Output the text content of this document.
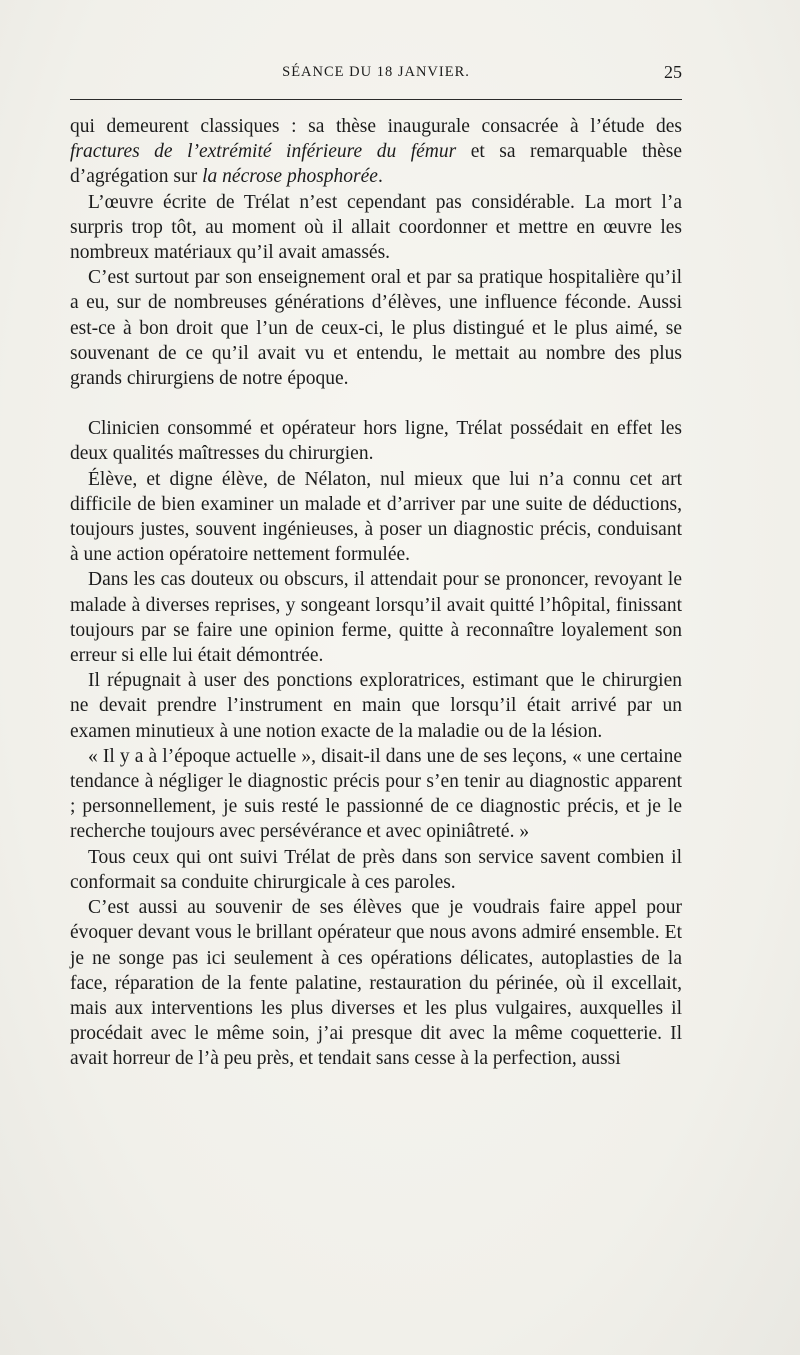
SÉANCE DU 18 JANVIER.	25

qui demeurent classiques : sa thèse inaugurale consacrée à l’étude des fractures de l’extrémité inférieure du fémur et sa remarquable thèse d’agrégation sur la nécrose phosphorée.

L’œuvre écrite de Trélat n’est cependant pas considérable. La mort l’a surpris trop tôt, au moment où il allait coordonner et mettre en œuvre les nombreux matériaux qu’il avait amassés.

C’est surtout par son enseignement oral et par sa pratique hospitalière qu’il a eu, sur de nombreuses générations d’élèves, une influence féconde. Aussi est-ce à bon droit que l’un de ceux-ci, le plus distingué et le plus aimé, se souvenant de ce qu’il avait vu et entendu, le mettait au nombre des plus grands chirurgiens de notre époque.

Clinicien consommé et opérateur hors ligne, Trélat possédait en effet les deux qualités maîtresses du chirurgien.

Élève, et digne élève, de Nélaton, nul mieux que lui n’a connu cet art difficile de bien examiner un malade et d’arriver par une suite de déductions, toujours justes, souvent ingénieuses, à poser un diagnostic précis, conduisant à une action opératoire nettement formulée.

Dans les cas douteux ou obscurs, il attendait pour se prononcer, revoyant le malade à diverses reprises, y songeant lorsqu’il avait quitté l’hôpital, finissant toujours par se faire une opinion ferme, quitte à reconnaître loyalement son erreur si elle lui était démontrée.

Il répugnait à user des ponctions exploratrices, estimant que le chirurgien ne devait prendre l’instrument en main que lorsqu’il était arrivé par un examen minutieux à une notion exacte de la maladie ou de la lésion.

« Il y a à l’époque actuelle », disait-il dans une de ses leçons, « une certaine tendance à négliger le diagnostic précis pour s’en tenir au diagnostic apparent ; personnellement, je suis resté le passionné de ce diagnostic précis, et je le recherche toujours avec persévérance et avec opiniâtreté. »

Tous ceux qui ont suivi Trélat de près dans son service savent combien il conformait sa conduite chirurgicale à ces paroles.

C’est aussi au souvenir de ses élèves que je voudrais faire appel pour évoquer devant vous le brillant opérateur que nous avons admiré ensemble. Et je ne songe pas ici seulement à ces opérations délicates, autoplasties de la face, réparation de la fente palatine, restauration du périnée, où il excellait, mais aux interventions les plus diverses et les plus vulgaires, auxquelles il procédait avec le même soin, j’ai presque dit avec la même coquetterie. Il avait horreur de l’à peu près, et tendait sans cesse à la perfection, aussi
